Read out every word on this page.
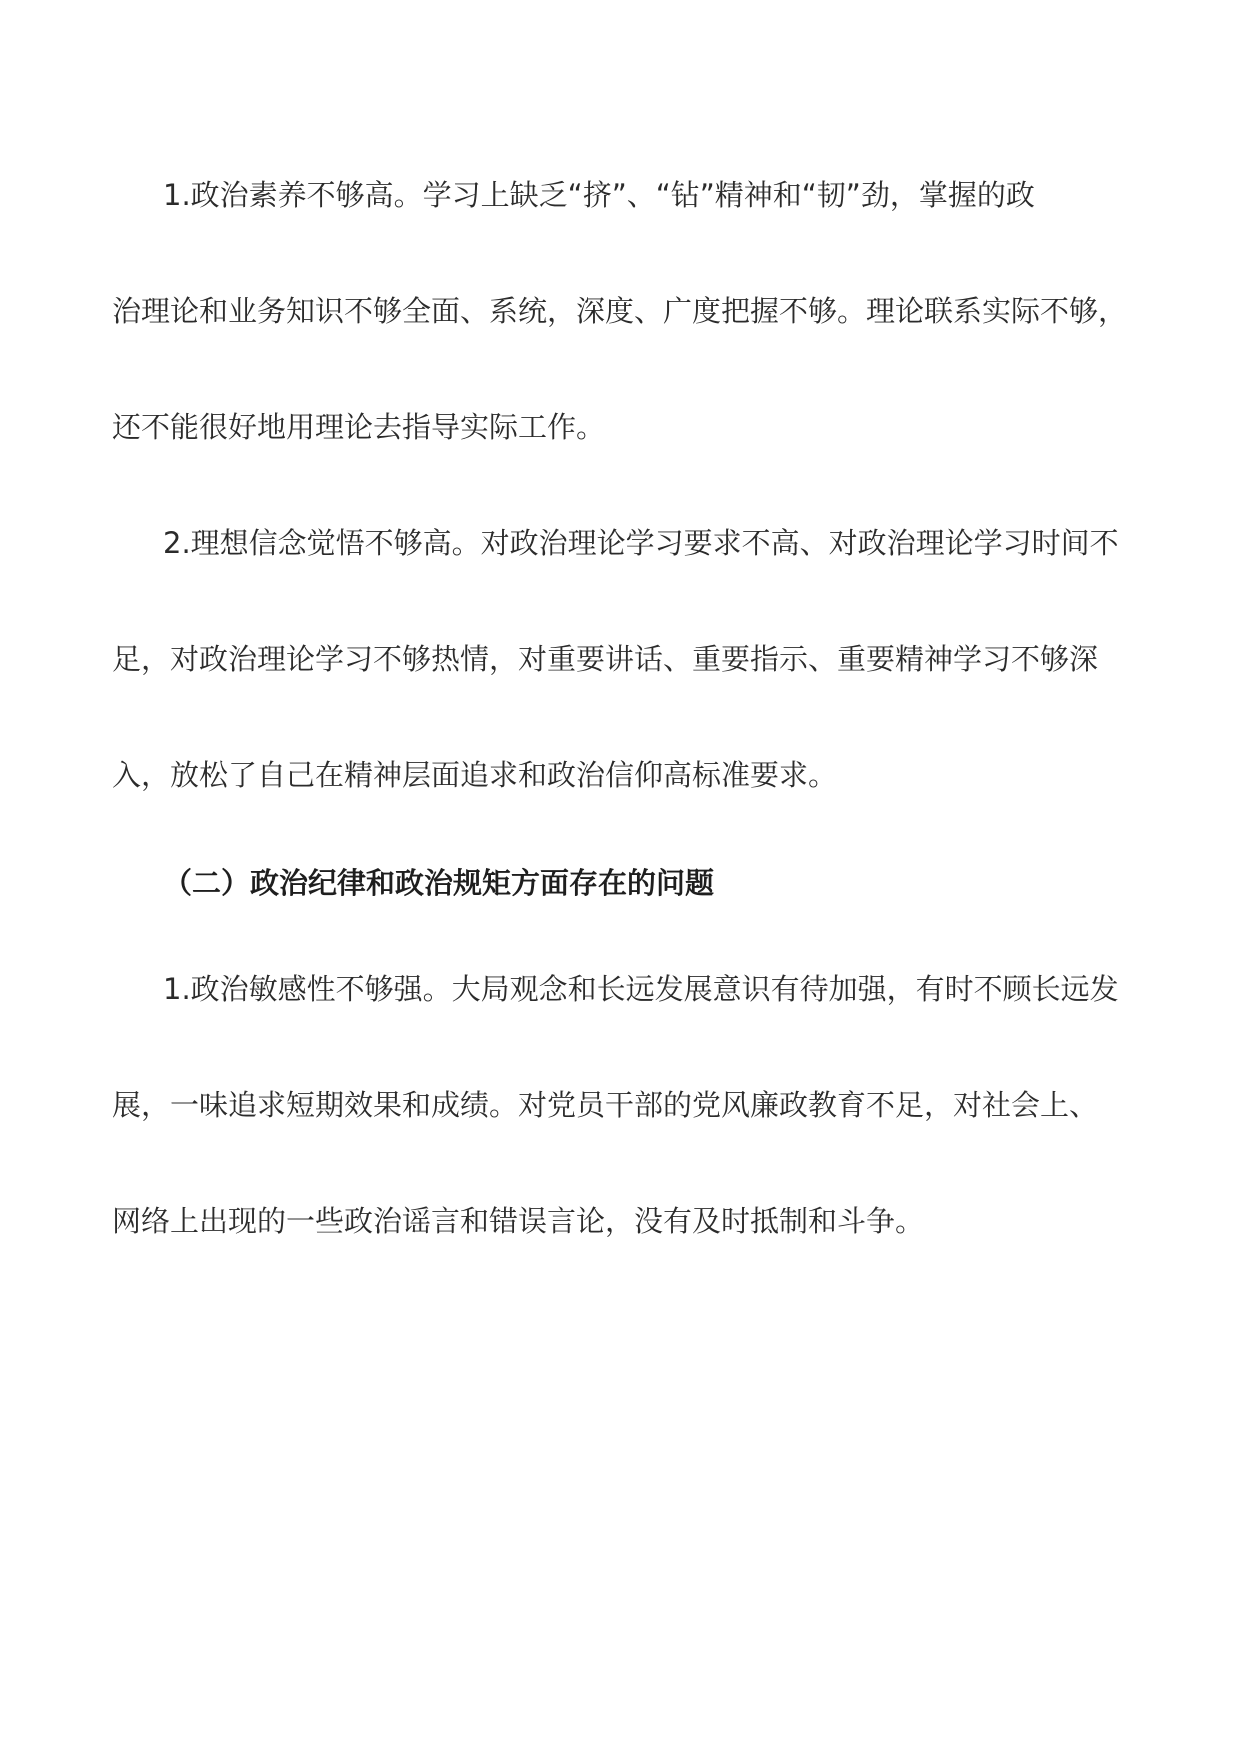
1.政治素养不够高。学习上缺乏“挤”、“钻”精神和“韧”劲，掌握的政
治理论和业务知识不够全面、系统，深度、广度把握不够。理论联系实际不够，
还不能很好地用理论去指导实际工作。
2.理想信念觉悟不够高。对政治理论学习要求不高、对政治理论学习时间不
足，对政治理论学习不够热情，对重要讲话、重要指示、重要精神学习不够深
入，放松了自己在精神层面追求和政治信仰高标准要求。
（二）政治纪律和政治规矩方面存在的问题
1.政治敏感性不够强。大局观念和长远发展意识有待加强，有时不顾长远发
展，一味追求短期效果和成绩。对党员干部的党风廉政教育不足，对社会上、
网络上出现的一些政治谣言和错误言论，没有及时抵制和斗争。
